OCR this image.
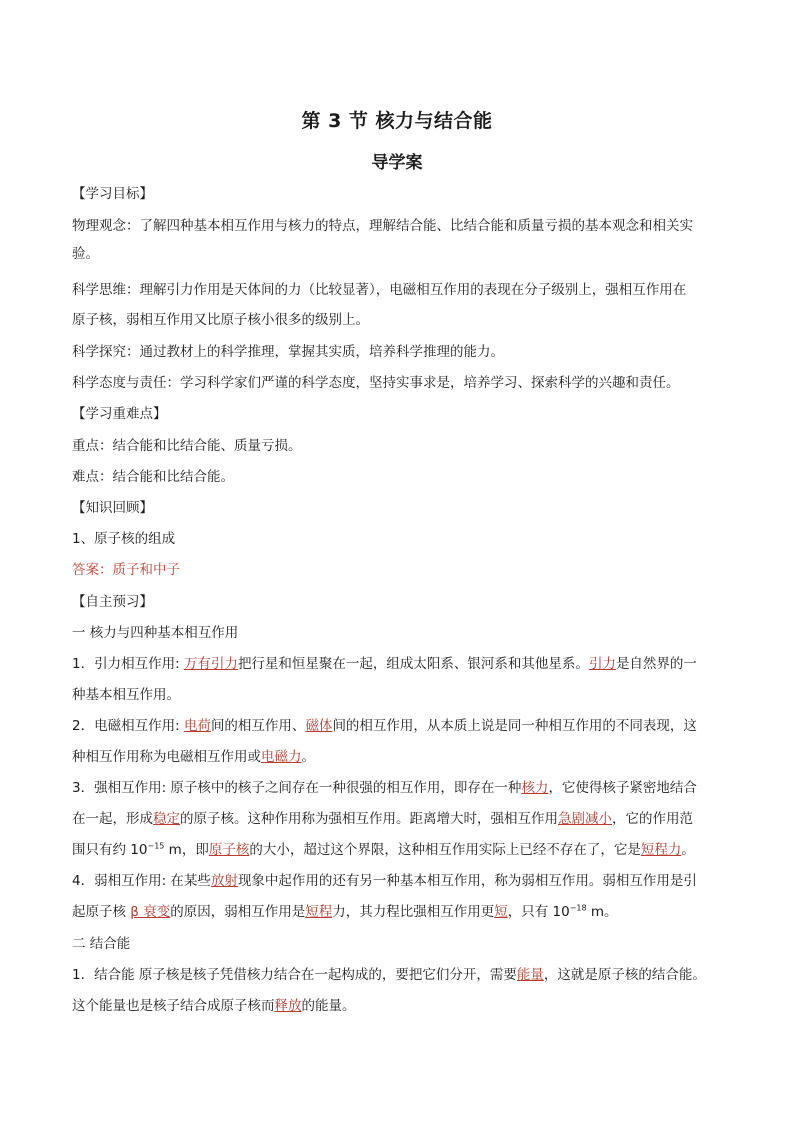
第 3 节 核力与结合能
导学案
【学习目标】
物理观念：了解四种基本相互作用与核力的特点，理解结合能、比结合能和质量亏损的基本观念和相关实
验。
科学思维：理解引力作用是天体间的力（比较显著），电磁相互作用的表现在分子级别上，强相互作用在
原子核，弱相互作用又比原子核小很多的级别上。
科学探究：通过教材上的科学推理，掌握其实质，培养科学推理的能力。
科学态度与责任：学习科学家们严谨的科学态度，坚持实事求是，培养学习、探索科学的兴趣和责任。
【学习重难点】
重点：结合能和比结合能、质量亏损。
难点：结合能和比结合能。
【知识回顾】
1、原子核的组成
答案：质子和中子
【自主预习】
一 核力与四种基本相互作用
1．引力相互作用: 万有引力把行星和恒星聚在一起，组成太阳系、银河系和其他星系。引力是自然界的一
种基本相互作用。
2．电磁相互作用: 电荷间的相互作用、磁体间的相互作用，从本质上说是同一种相互作用的不同表现，这
种相互作用称为电磁相互作用或电磁力。
3．强相互作用: 原子核中的核子之间存在一种很强的相互作用，即存在一种核力，它使得核子紧密地结合
在一起，形成稳定的原子核。这种作用称为强相互作用。距离增大时，强相互作用急剧减小，它的作用范
围只有约 $10^{-15}$ m，即原子核的大小，超过这个界限，这种相互作用实际上已经不存在了，它是短程力。
4．弱相互作用: 在某些放射现象中起作用的还有另一种基本相互作用，称为弱相互作用。弱相互作用是引
起原子核 β 衰变的原因，弱相互作用是短程力，其力程比强相互作用更短，只有 $10^{-18}$ m。
二 结合能
1．结合能 原子核是核子凭借核力结合在一起构成的，要把它们分开，需要能量，这就是原子核的结合能。
这个能量也是核子结合成原子核而释放的能量。
